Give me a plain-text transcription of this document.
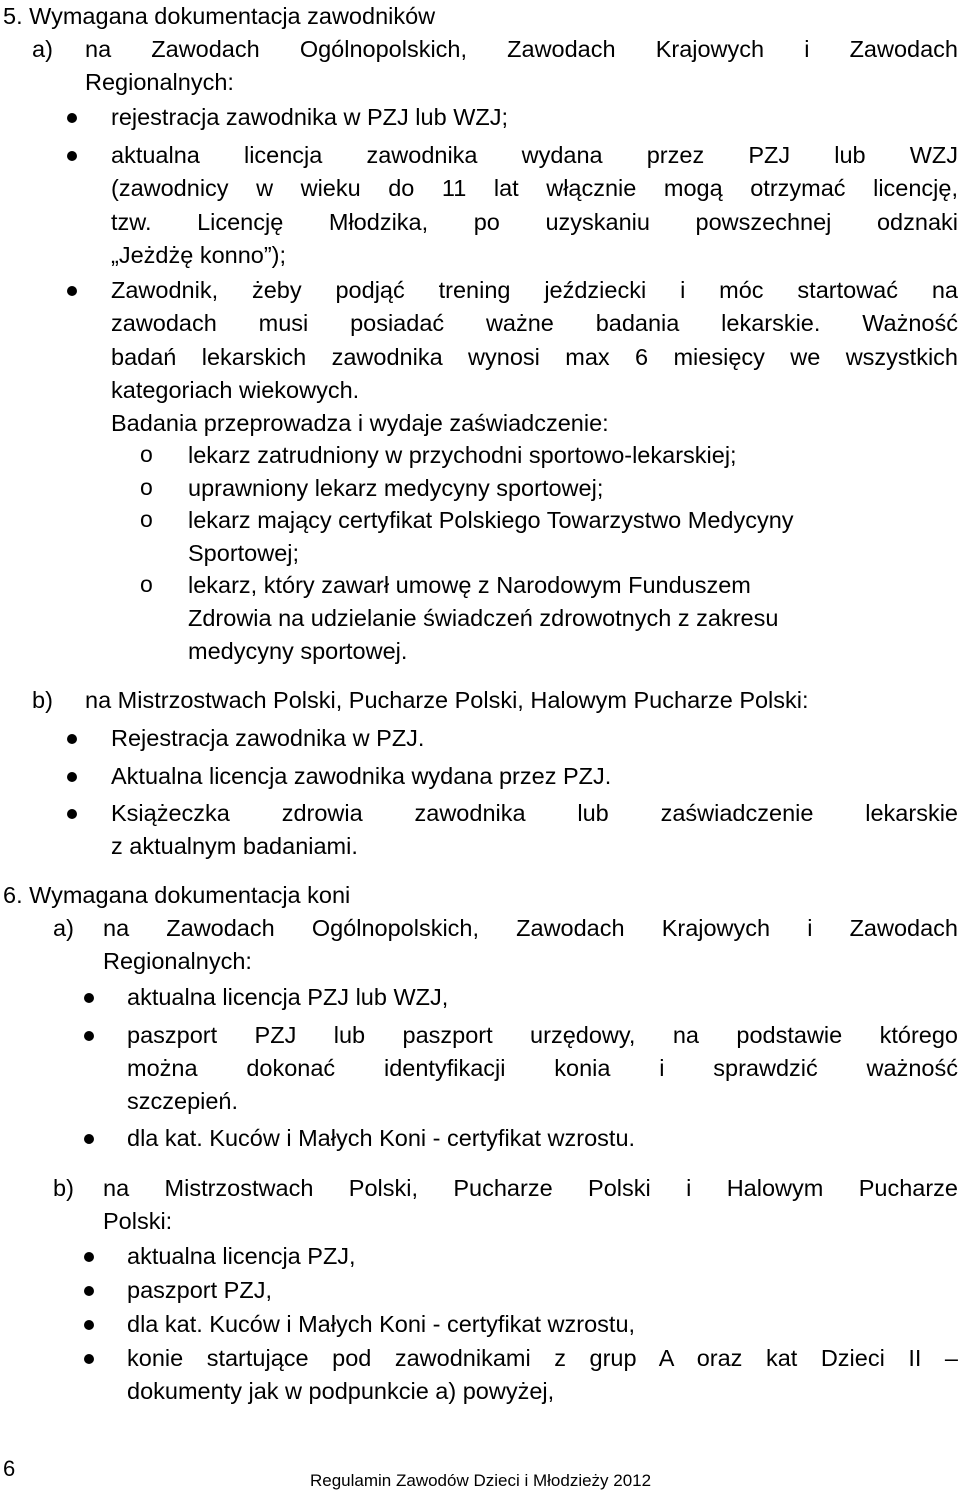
5. Wymagana dokumentacja zawodników
a) na Zawodach Ogólnopolskich, Zawodach Krajowych i Zawodach
Regionalnych:
rejestracja zawodnika w PZJ lub WZJ;
aktualna licencja zawodnika wydana przez PZJ lub WZJ
(zawodnicy w wieku do 11 lat włącznie mogą otrzymać licencję,
tzw. Licencję Młodzika, po uzyskaniu powszechnej odznaki
„Jeżdżę konno”);
Zawodnik, żeby podjąć trening jeździecki i móc startować na
zawodach musi posiadać ważne badania lekarskie. Ważność
badań lekarskich zawodnika wynosi max 6 miesięcy we wszystkich
kategoriach wiekowych.
Badania przeprowadza i wydaje zaświadczenie:
o lekarz zatrudniony w przychodni sportowo-lekarskiej;
o uprawniony lekarz medycyny sportowej;
o lekarz mający certyfikat Polskiego Towarzystwo Medycyny
Sportowej;
o lekarz, który zawarł umowę z Narodowym Funduszem
Zdrowia na udzielanie świadczeń zdrowotnych z zakresu
medycyny sportowej.
b) na Mistrzostwach Polski, Pucharze Polski, Halowym Pucharze Polski:
Rejestracja zawodnika w PZJ.
Aktualna licencja zawodnika wydana przez PZJ.
Książeczka zdrowia zawodnika lub zaświadczenie lekarskie
z aktualnym badaniami.
6. Wymagana dokumentacja koni
a) na Zawodach Ogólnopolskich, Zawodach Krajowych i Zawodach
Regionalnych:
aktualna licencja PZJ lub WZJ,
paszport PZJ lub paszport urzędowy, na podstawie którego
można dokonać identyfikacji konia i sprawdzić ważność
szczepień.
dla kat. Kuców i Małych Koni - certyfikat wzrostu.
b) na Mistrzostwach Polski, Pucharze Polski i Halowym Pucharze
Polski:
aktualna licencja PZJ,
paszport PZJ,
dla kat. Kuców i Małych Koni - certyfikat wzrostu,
konie startujące pod zawodnikami z grup A oraz kat Dzieci II –
dokumenty jak w podpunkcie a) powyżej,
6	Regulamin Zawodów Dzieci i Młodzieży 2012
